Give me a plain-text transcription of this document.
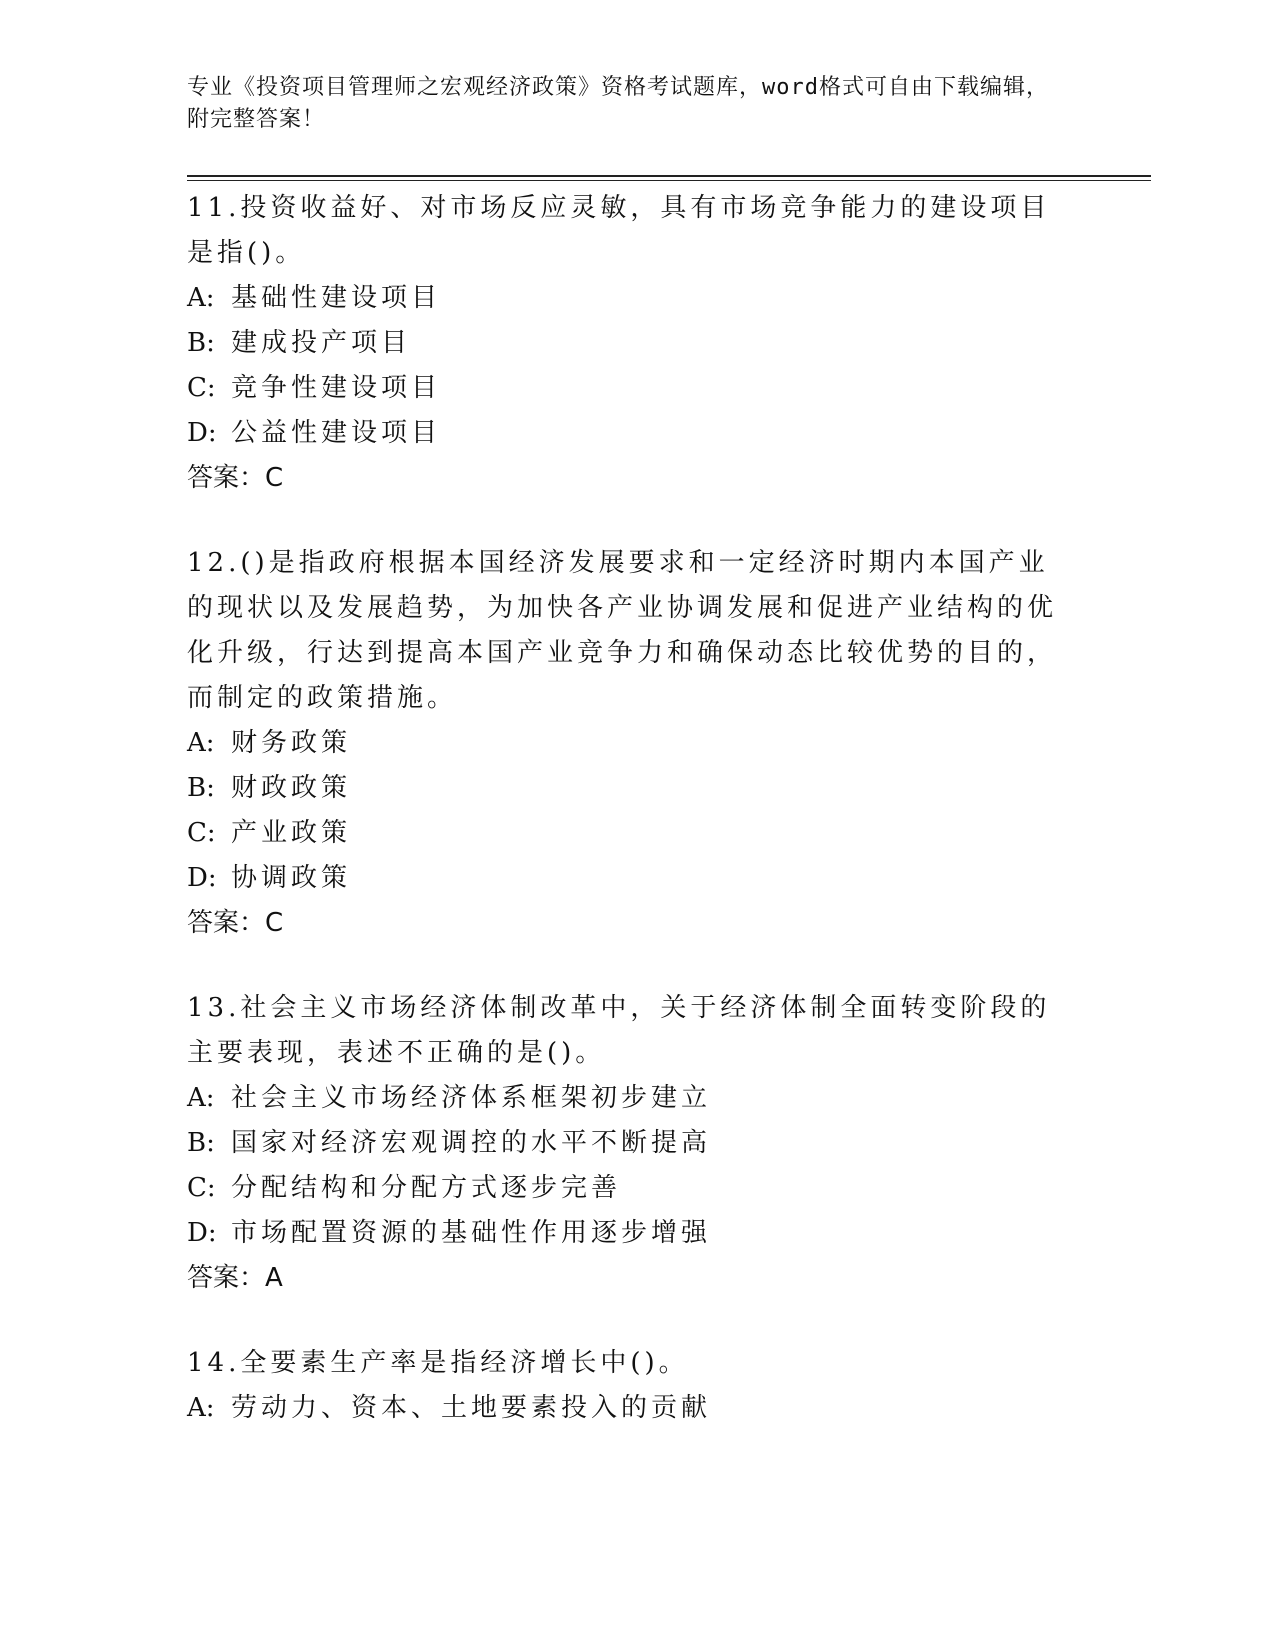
专业《投资项目管理师之宏观经济政策》资格考试题库，word格式可自由下载编辑，附完整答案！
11.投资收益好、对市场反应灵敏，具有市场竞争能力的建设项目是指()。
A: 基础性建设项目
B: 建成投产项目
C: 竞争性建设项目
D: 公益性建设项目
答案：C
12.()是指政府根据本国经济发展要求和一定经济时期内本国产业的现状以及发展趋势，为加快各产业协调发展和促进产业结构的优化升级，行达到提高本国产业竞争力和确保动态比较优势的目的，而制定的政策措施。
A: 财务政策
B: 财政政策
C: 产业政策
D: 协调政策
答案：C
13.社会主义市场经济体制改革中，关于经济体制全面转变阶段的主要表现，表述不正确的是()。
A: 社会主义市场经济体系框架初步建立
B: 国家对经济宏观调控的水平不断提高
C: 分配结构和分配方式逐步完善
D: 市场配置资源的基础性作用逐步增强
答案：A
14.全要素生产率是指经济增长中()。
A: 劳动力、资本、土地要素投入的贡献
